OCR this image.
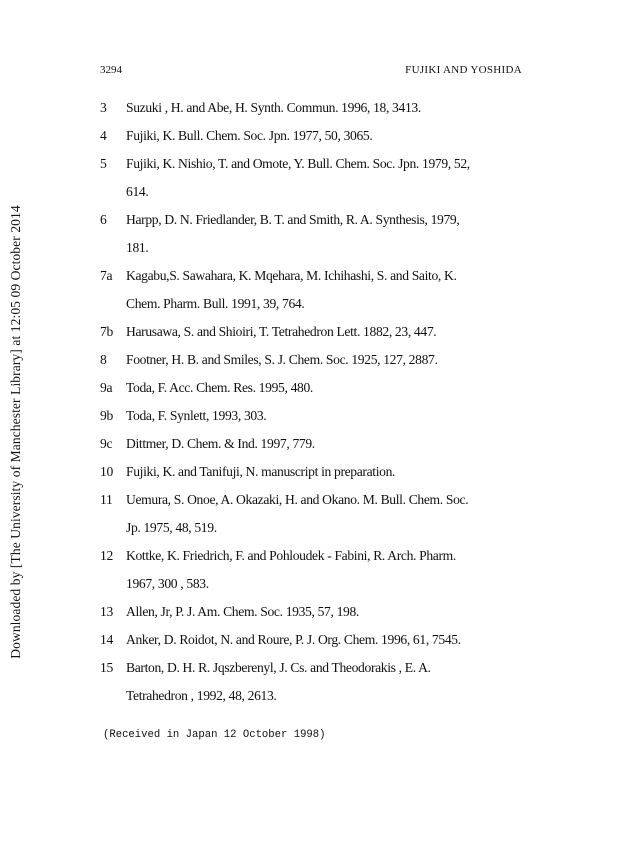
Downloaded by [The University of Manchester Library] at 12:05 09 October 2014
3294	FUJIKI AND YOSHIDA
3	Suzuki , H. and Abe, H. Synth. Commun. 1996, 18, 3413.
4	Fujiki, K. Bull. Chem. Soc. Jpn. 1977, 50, 3065.
5	Fujiki, K. Nishio, T. and Omote, Y. Bull. Chem. Soc. Jpn. 1979, 52,
614.
6	Harpp, D. N. Friedlander, B. T. and Smith, R. A. Synthesis, 1979,
181.
7a	Kagabu,S. Sawahara, K. Mqehara, M. Ichihashi, S. and Saito, K.
Chem. Pharm. Bull. 1991, 39, 764.
7b Harusawa, S. and Shioiri, T. Tetrahedron Lett. 1882, 23, 447.
8	Footner, H. B. and Smiles, S. J. Chem. Soc. 1925, 127, 2887.
9a	Toda, F. Acc. Chem. Res. 1995, 480.
9b Toda, F. Synlett, 1993, 303.
9c	Dittmer, D. Chem. & Ind. 1997, 779.
10 Fujiki, K. and Tanifuji, N. manuscript in preparation.
11	Uemura, S. Onoe, A. Okazaki, H. and Okano. M. Bull. Chem. Soc.
Jp. 1975, 48, 519.
12 Kottke, K. Friedrich, F. and Pohloudek - Fabini, R. Arch. Pharm.
1967, 300 , 583.
13 Allen, Jr, P. J. Am. Chem. Soc. 1935, 57, 198.
14 Anker, D. Roidot, N. and Roure, P. J. Org. Chem. 1996, 61, 7545.
15 Barton, D. H. R. Jqszberenyl, J. Cs. and Theodorakis , E. A.
Tetrahedron , 1992, 48, 2613.
(Received in Japan 12 October 1998)
